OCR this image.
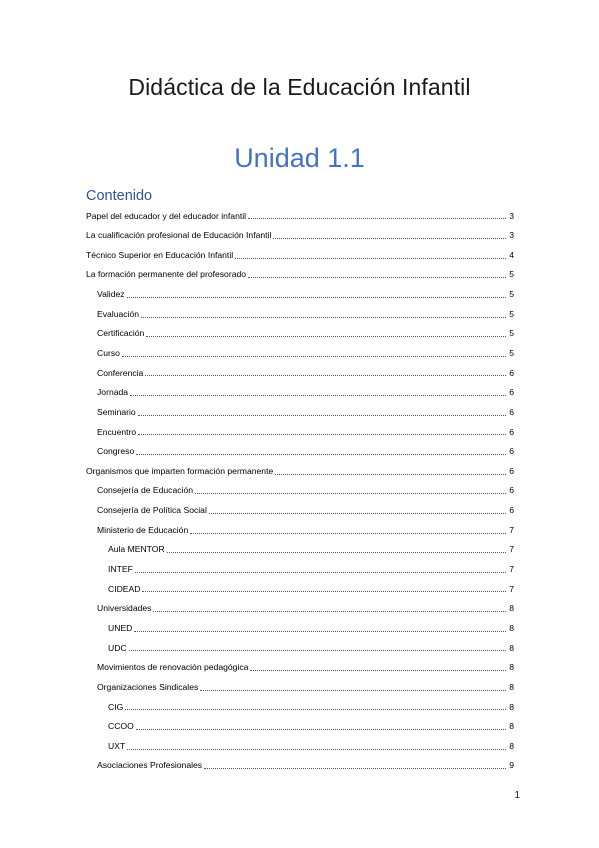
Didáctica de la Educación Infantil
Unidad 1.1
Contenido
Papel del educador y del educador infantil	3
La cualificación profesional de Educación Infantil	3
Técnico Superior en Educación Infantil	4
La formación permanente del profesorado	5
Validez	5
Evaluación	5
Certificación	5
Curso	5
Conferencia	6
Jornada	6
Seminario	6
Encuentro	6
Congreso	6
Organismos que imparten formación permanente	6
Consejería de Educación	6
Consejería de Política Social	6
Ministerio de Educación	7
Aula MENTOR	7
INTEF	7
CIDEAD	7
Universidades	8
UNED	8
UDC	8
Movimientos de renovación pedagógica	8
Organizaciones Sindicales	8
CIG	8
CCOO	8
UXT	8
Asociaciones Profesionales	9
1
